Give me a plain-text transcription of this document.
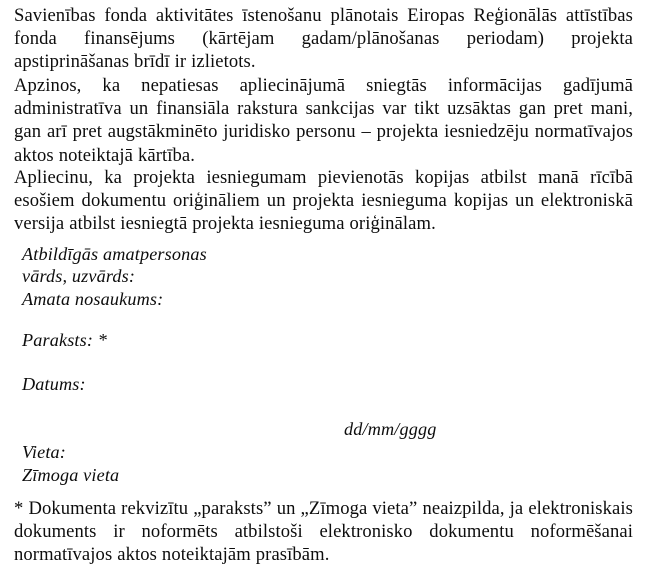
Savienības fonda aktivitātes īstenošanu plānotais Eiropas Reģionālās attīstības fonda finansējums (kārtējam gadam/plānošanas periodam) projekta apstiprināšanas brīdī ir izlietots.

Apzinos, ka nepatiesas apliecinājumā sniegtās informācijas gadījumā administratīva un finansiāla rakstura sankcijas var tikt uzsāktas gan pret mani, gan arī pret augstākminēto juridisko personu – projekta iesniedzēju normatīvajos aktos noteiktajā kārtība.

Apliecinu, ka projekta iesniegumam pievienotās kopijas atbilst manā rīcībā esošiem dokumentu oriģināliem un projekta iesnieguma kopijas un elektroniskā versija atbilst iesniegtā projekta iesnieguma oriģinālam.

Atbildīgās amatpersonas

vārds, uzvārds:

Amata nosaukums:

Paraksts: *

Datums:

dd/mm/gggg

Vieta:

Zīmoga vieta

* Dokumenta rekvizītu „paraksts” un „Zīmoga vieta” neaizpilda, ja elektroniskais dokuments ir noformēts atbilstoši elektronisko dokumentu noformēšanai normatīvajos aktos noteiktajām prasībām.
